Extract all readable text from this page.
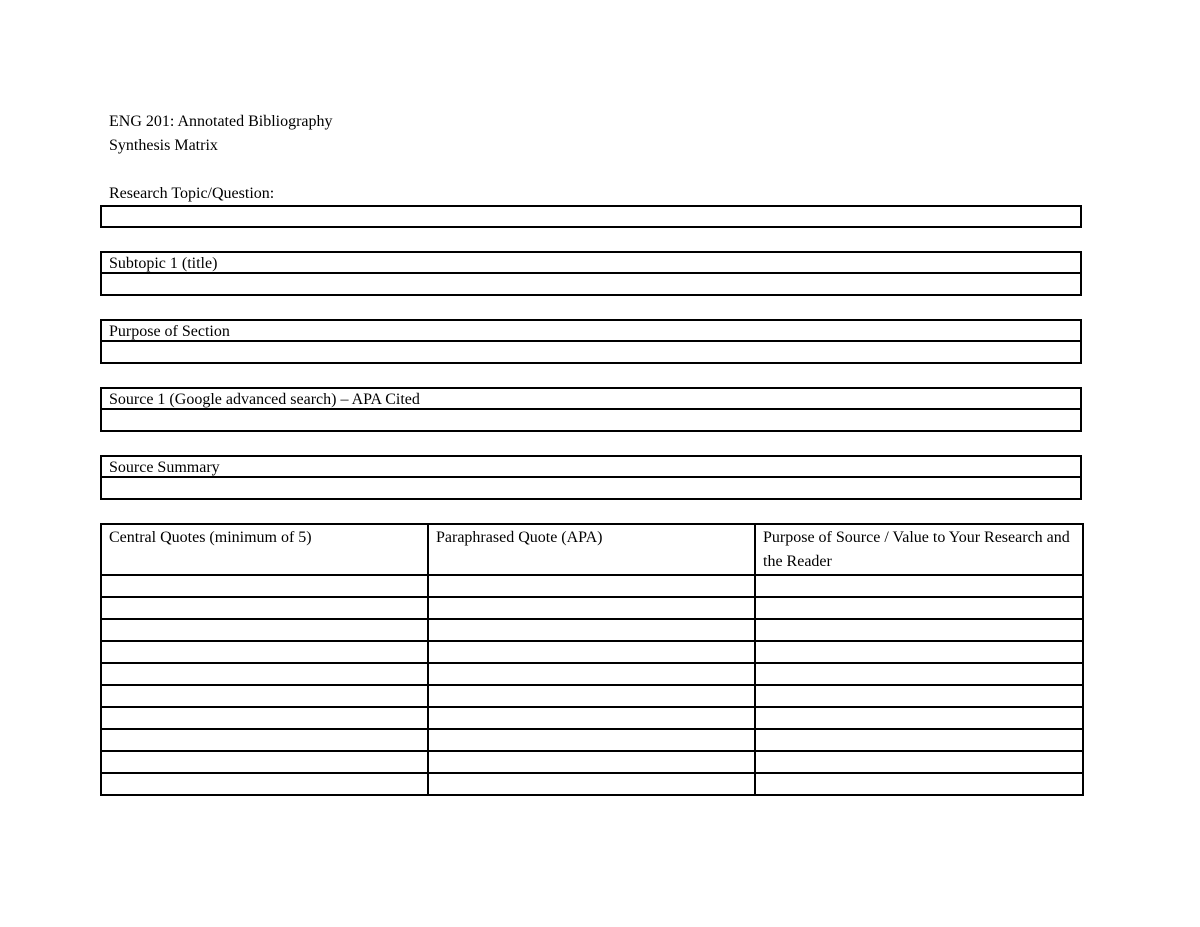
ENG 201: Annotated Bibliography
Synthesis Matrix
Research Topic/Question:
Subtopic 1 (title)
Purpose of Section
Source 1 (Google advanced search) – APA Cited
Source Summary
Central Quotes (minimum of 5)	Paraphrased Quote (APA)	Purpose of Source / Value to Your Research and the Reader
